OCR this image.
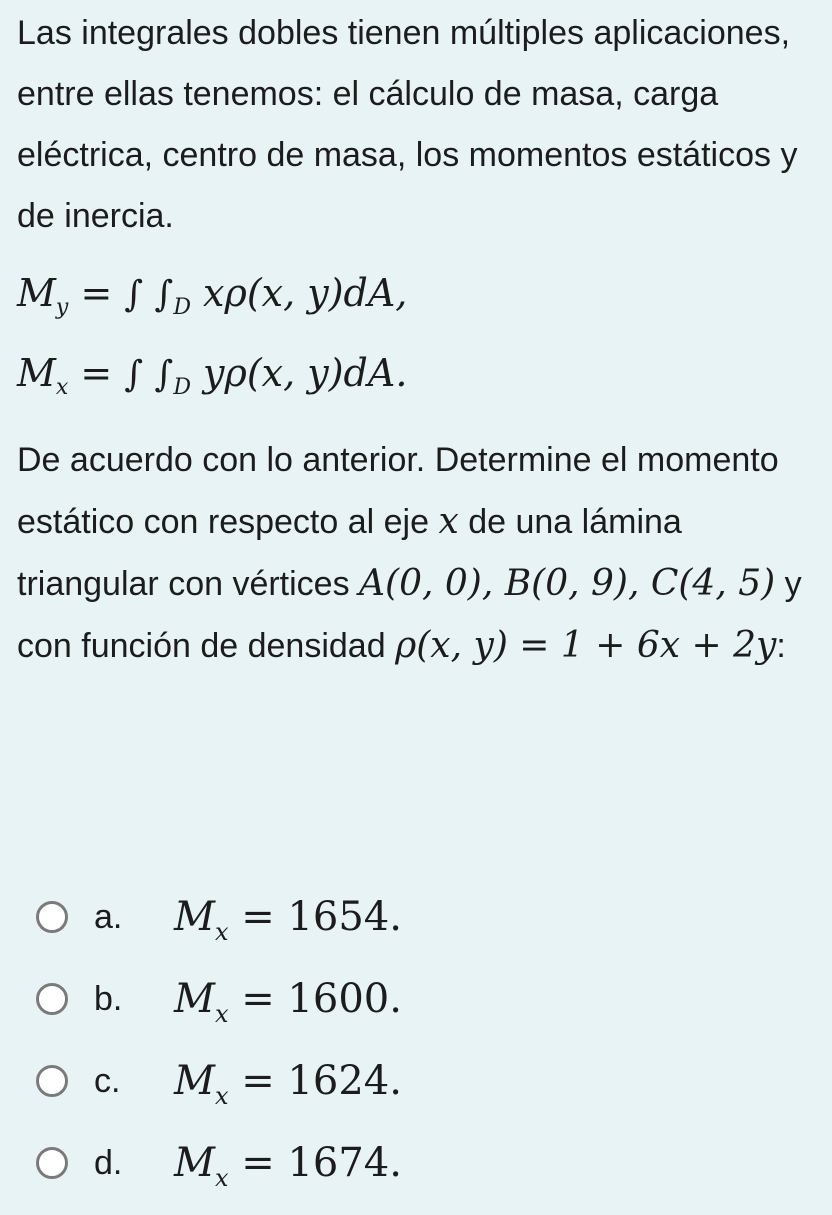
Las integrales dobles tienen múltiples aplicaciones, entre ellas tenemos: el cálculo de masa, carga eléctrica, centro de masa, los momentos estáticos y de inercia.

$M_y$ = ∫ $\int_D$ xρ(x, y)dA,
$M_x$ = ∫ $\int_D$ yρ(x, y)dA.

De acuerdo con lo anterior. Determine el momento estático con respecto al eje x de una lámina triangular con vértices A(0, 0), B(0, 9), C(4, 5) y con función de densidad ρ(x, y) = 1 + 6x + 2y:

a.	$M_x = 1654$.
b.	$M_x = 1600$.
c.	$M_x = 1624$.
d.	$M_x = 1674$.
